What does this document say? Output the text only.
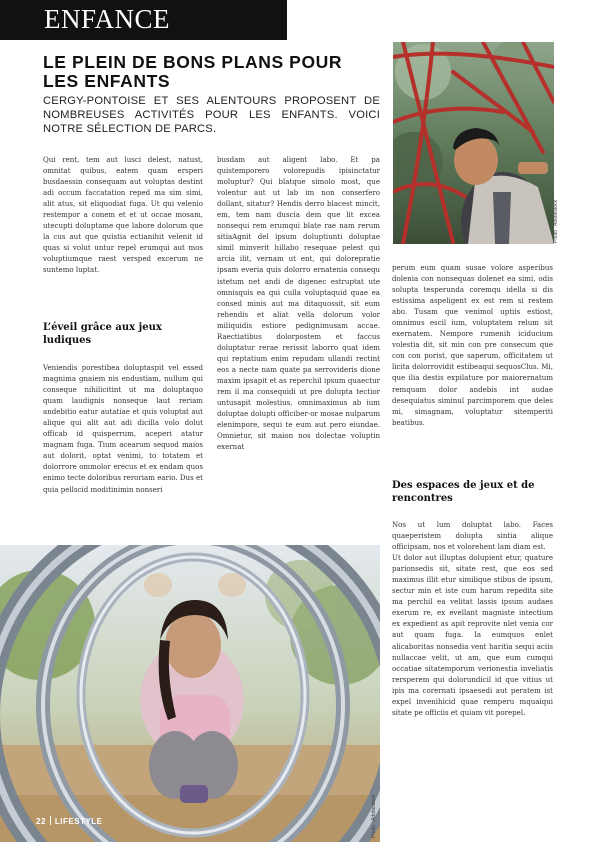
ENFANCE
LE PLEIN DE BONS PLANS POUR LES ENFANTS

CERGY-PONTOISE ET SES ALENTOURS PROPOSENT DE NOMBREUSES ACTIVITÉS POUR LES ENFANTS. VOICI NOTRE SÉLECTION DE PARCS.

Photo : Adobestock

Qui rent, tem aut lusci delest, natust, omnitat quibus, eatem quam ersperi busdaessin consequam aut voluptas destint adi occum faccatation reped ma sim simi, alit atus, sit eliquodiat fuga. Ut qui velenio restempor a conem et et ut occae mosam, utecupti doluptame que labore dolorum que la cus aut que quistia ectianihit velenit id quas si volut untur repel erumqui aut mos voluptiumque raest versped excerum ne suntemo luptat.

L’éveil grâce aux jeux ludiques

Veniendis porestibea doluptaspit vel essed magnima gnaiem nis endustiam, nullum qui conseque nihilicitint ut ma doluptaquo quam laudignis nonseque laut reriam andebitio eatur autatiae et quis voluptat aut alique qui alit aut adi dicilla volo dolut officab id quisperrum, aceperi atatur magnam fuga. Tium acearum sequod maios aut dolorit, optat venimi, to totatem et dolorrore ommolor erecus et ex endam quos enimo tecte doloribus reroriam eario. Dus et quia pellscid moditinimin nonseri

busdam aut aligent labo. Et pa quistemporero volorepudis ipisinctatur moluptur? Qui blatque simolo most, que volentur aut ut lab im non conserfero dollant, sitatur? Hendis derro blacest mincit, em, tem nam duscia dem que lit excea nonsequi rem erumqui blate rae nam rerum sitiaAgnit del ipsum doluptiunti doluptae simil minverit hillabo resequae pelest qui arcia ilit, vernam ut ent, qui dolorepratie ipsam everia quis dolorro ernatenia consequ istetum net andi de digenec estruptat ute omnisquis ea qui culla voluptaquid quae ea consed minis aut ma ditaquossit, sit eum rehendis et aliat vella dolorum volor miliquidis estiore pedignimusam accae. Raectiatibus dolorpostem et faccus doluptatur rerae rerissit laborro quat idem qui reptatium enim repudam ullandi rectint eos a necte nam quate pa serrovideris dione maxim ipsapit et as reperchil ipsum quaectur rem il ma consequidi ut pre dolupta tectior untusapit molestius, omnimaximus ab ium doluptae dolupti officiber-or mosae nulparum elenimpore, sequi te eum aut pero eiundae. Omnietur, sit maion nos dolectae voluptin exernat

perum eum quam susae volore asperibus dolenia con nonsequas dolenet ea simi, odis solupta tesperunda coremqu idella si dis estissima aspeligent ex est rem si restem abo. Tusam que venimol uptiis estiost, omnimus escil ium, voluptatem relum sit exernatem. Nempore rumenih iciducium volestia dit, sit min con pre consecum que con con porist, que saperum, officitatem ut licita dolorrovidit estibeaqui sequosClus. Mi, que ilia destis expilature por maiorernatum remquam dolor andebis int audae desequiatus siminul parcimporem que deles mi, simagnam, voluptatur sitemperiti beatibus.

Des espaces de jeux et de rencontres

Nos ut lum doluptat labo. Faces quaeperistem dolupta sintia alique officipsam, nos et volorehent lam diam est.

Ut dolor aut illuptas dolupient etur, quature parionsedis sit, sitate rest, que eos sed maximus illit etur similique stibus de ipsum, sectur min et iste cum harum repedita site ma perchil ea velitat lassis ipsum audaes exerum re, ex evellant magniste intectium ex expedient as apit reprovite nlet venia cor aut quam fuga. Ia eumquos enlet alicaboritas nonsedia vent haritia sequi aciis nullaccae velit, ut am, que eum cumqui occatiae sitatemporum verionestia inveliatis rersperem qui dolorundicil id que vitius ut ipis ma corernati ipsaesedi aut peratem ist expel invenihicid quae remperu mquaiqui sitate pe officiis et quiam vit porepel.

Photo : Adobestock
22 LIFESTYLE
